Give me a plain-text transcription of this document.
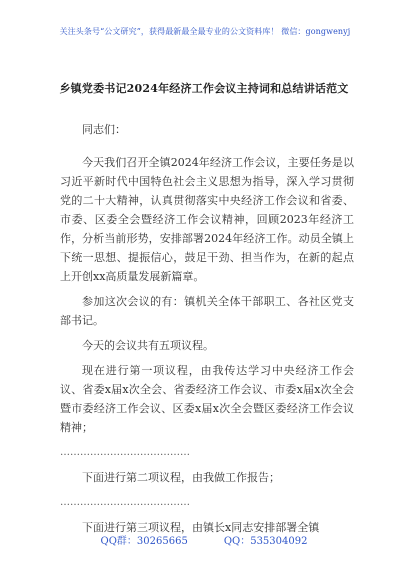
关注头条号“公文研究”，获得最新最全最专业的公文资料库！ 微信：gongwenyj
乡镇党委书记2024年经济工作会议主持词和总结讲话范文
同志们：

今天我们召开全镇2024年经济工作会议，主要任务是以习近平新时代中国特色社会主义思想为指导，深入学习贯彻党的二十大精神，认真贯彻落实中央经济工作会议和省委、市委、区委全会暨经济工作会议精神，回顾2023年经济工作，分析当前形势，安排部署2024年经济工作。动员全镇上下统一思想、提振信心，鼓足干劲、担当作为，在新的起点上开创xx高质量发展新篇章。

参加这次会议的有：镇机关全体干部职工、各社区党支部书记。

今天的会议共有五项议程。

现在进行第一项议程，由我传达学习中央经济工作会议、省委x届x次全会、省委经济工作会议、市委x届x次全会暨市委经济工作会议、区委x届x次全会暨区委经济工作会议精神；

…………………………………

下面进行第二项议程，由我做工作报告；

…………………………………

下面进行第三项议程，由镇长x同志安排部署全镇

QQ群：30265665	QQ：535304092
